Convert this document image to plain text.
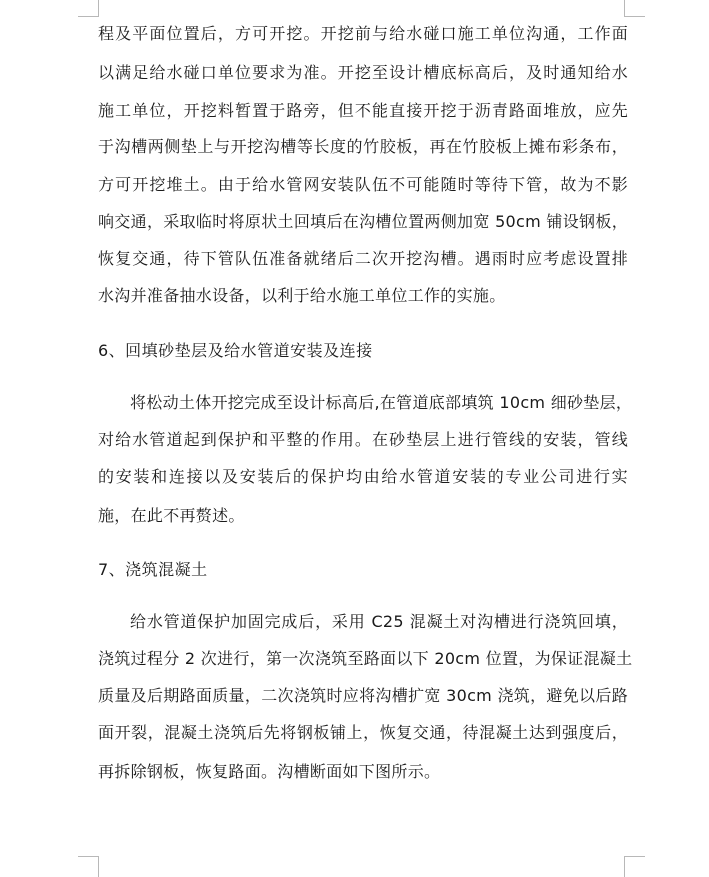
程及平面位置后，方可开挖。开挖前与给水碰口施工单位沟通，工作面
以满足给水碰口单位要求为准。开挖至设计槽底标高后，及时通知给水
施工单位，开挖料暂置于路旁，但不能直接开挖于沥青路面堆放，应先
于沟槽两侧垫上与开挖沟槽等长度的竹胶板，再在竹胶板上摊布彩条布，
方可开挖堆土。由于给水管网安装队伍不可能随时等待下管，故为不影
响交通，采取临时将原状土回填后在沟槽位置两侧加宽 50cm 铺设钢板，
恢复交通，待下管队伍准备就绪后二次开挖沟槽。遇雨时应考虑设置排
水沟并准备抽水设备，以利于给水施工单位工作的实施。
6、回填砂垫层及给水管道安装及连接
将松动土体开挖完成至设计标高后,在管道底部填筑 10cm 细砂垫层，
对给水管道起到保护和平整的作用。在砂垫层上进行管线的安装，管线
的安装和连接以及安装后的保护均由给水管道安装的专业公司进行实
施，在此不再赘述。
7、浇筑混凝土
给水管道保护加固完成后，采用 C25 混凝土对沟槽进行浇筑回填，
浇筑过程分 2 次进行，第一次浇筑至路面以下 20cm 位置，为保证混凝土
质量及后期路面质量，二次浇筑时应将沟槽扩宽 30cm 浇筑，避免以后路
面开裂，混凝土浇筑后先将钢板铺上，恢复交通，待混凝土达到强度后，
再拆除钢板，恢复路面。沟槽断面如下图所示。
